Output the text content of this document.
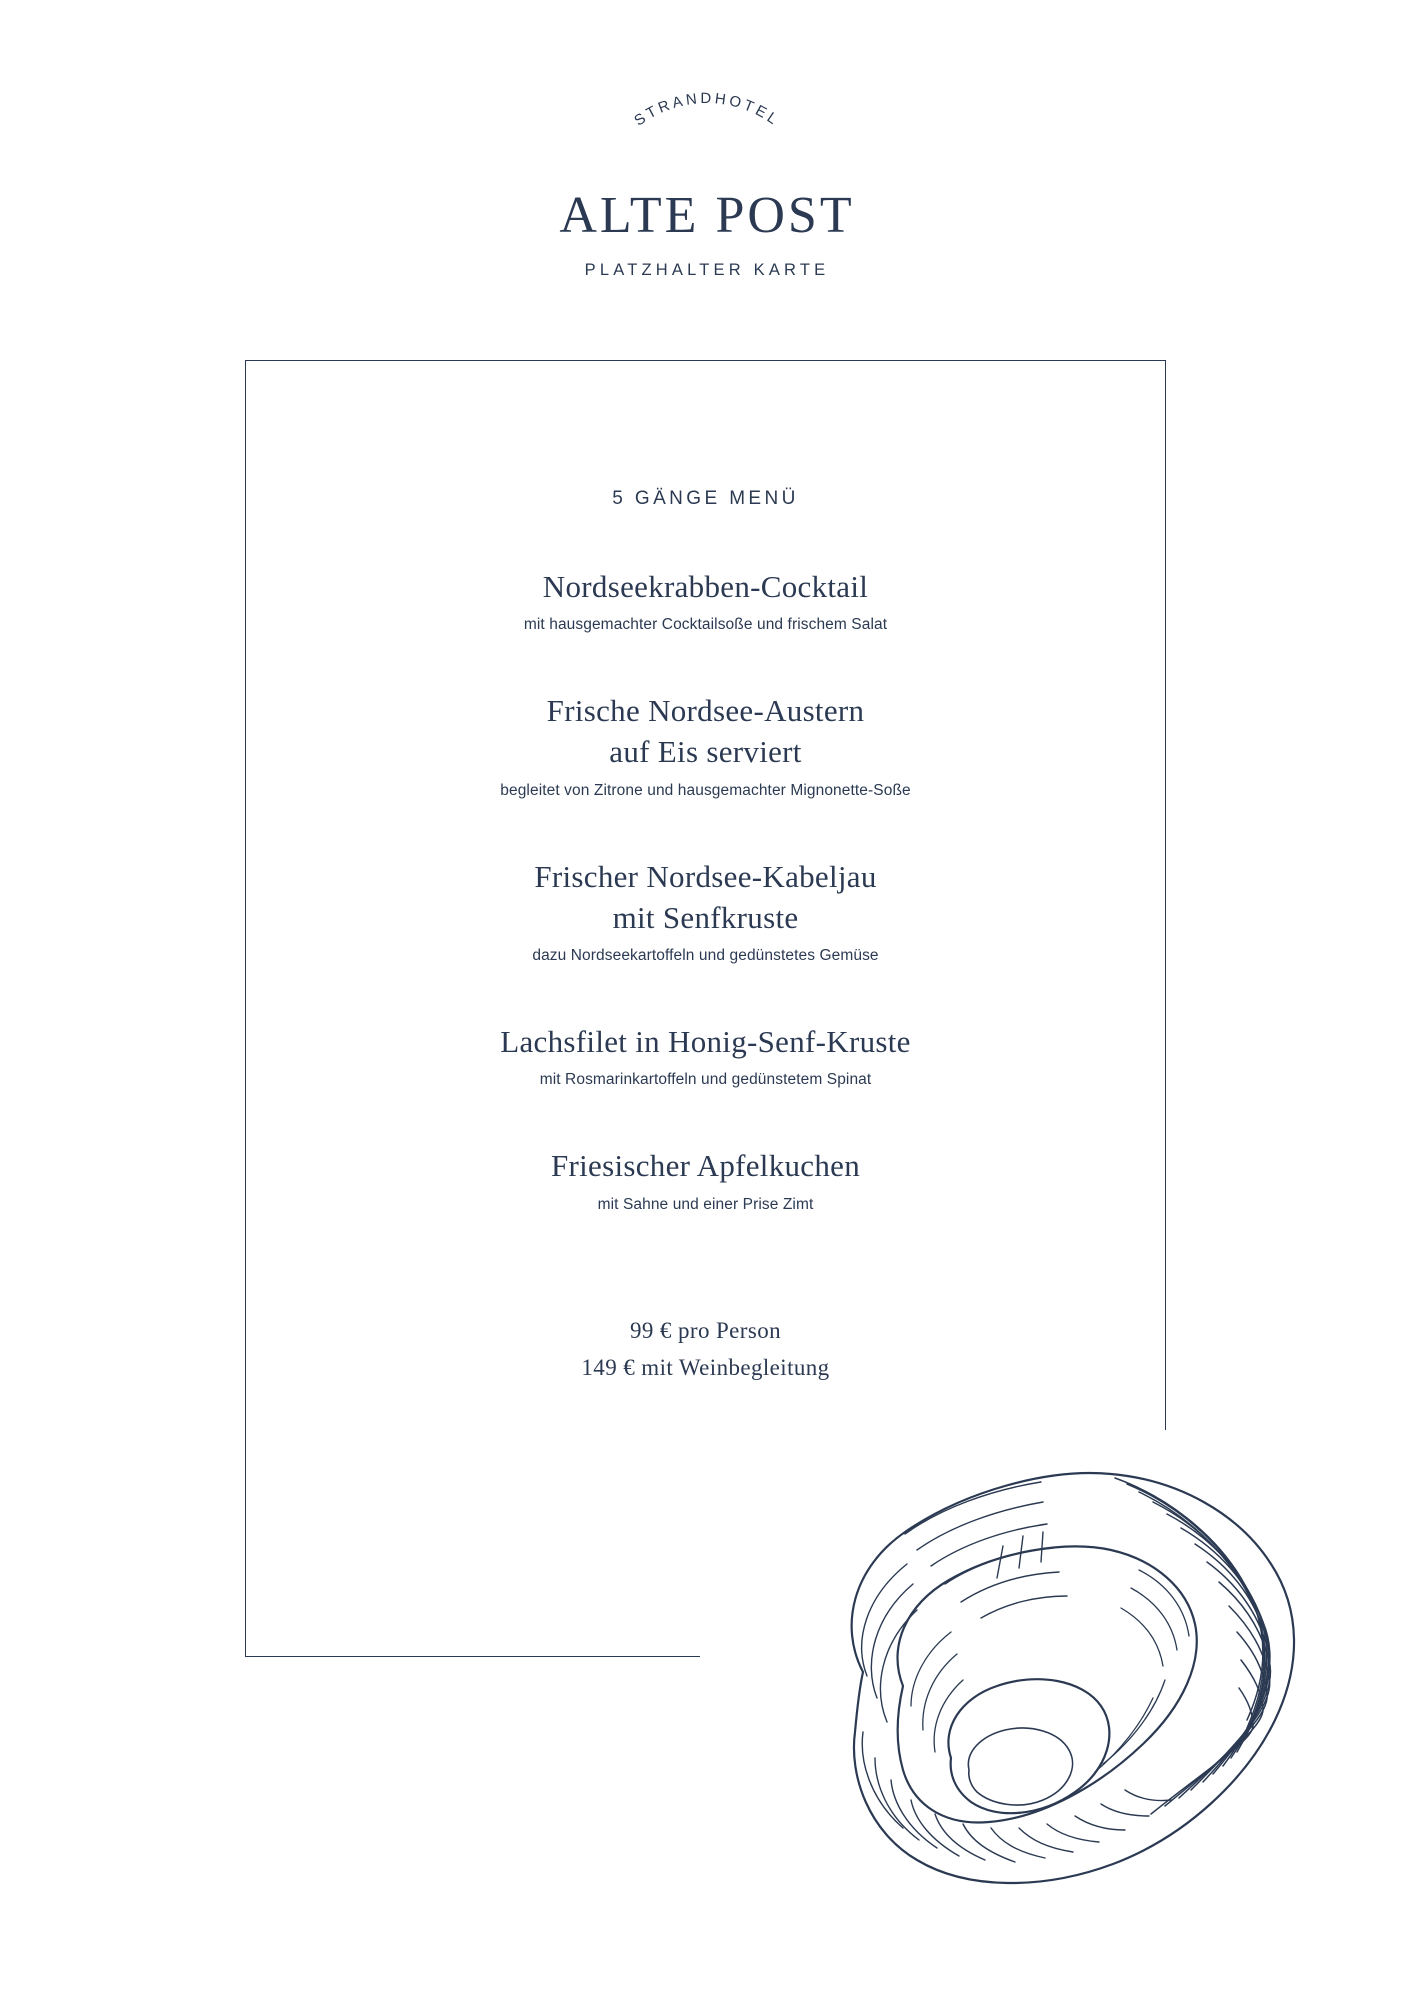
STRANDHOTEL
ALTE POST
PLATZHALTER KARTE
5 GÄNGE MENÜ
Nordseekrabben-Cocktail
mit hausgemachter Cocktailsoße und frischem Salat
Frische Nordsee-Austern
auf Eis serviert
begleitet von Zitrone und hausgemachter Mignonette-Soße
Frischer Nordsee-Kabeljau
mit Senfkruste
dazu Nordseekartoffeln und gedünstetes Gemüse
Lachsfilet in Honig-Senf-Kruste
mit Rosmarinkartoffeln und gedünstetem Spinat
Friesischer Apfelkuchen
mit Sahne und einer Prise Zimt
99 € pro Person
149 € mit Weinbegleitung
